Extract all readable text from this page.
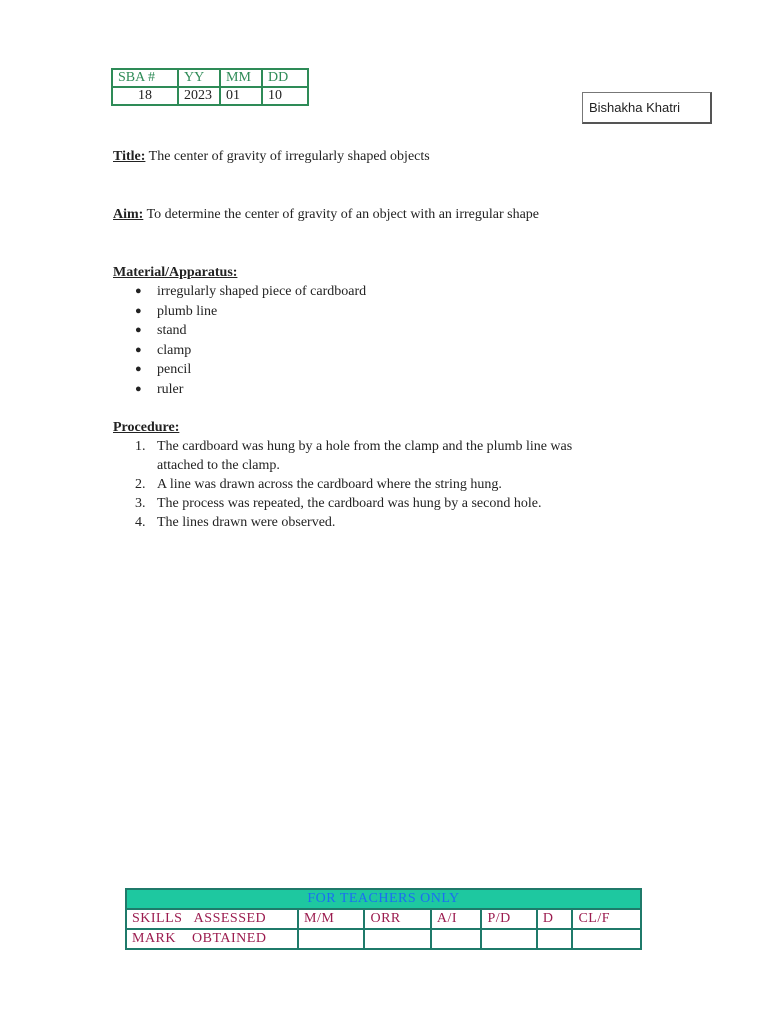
SBA #	YY	MM	DD
18	2023	01	10
Bishakha Khatri
Title: The center of gravity of irregularly shaped objects
Aim: To determine the center of gravity of an object with an irregular shape
Material/Apparatus:
● irregularly shaped piece of cardboard
● plumb line
● stand
● clamp
● pencil
● ruler
Procedure:
1. The cardboard was hung by a hole from the clamp and the plumb line was
attached to the clamp.
2. A line was drawn across the cardboard where the string hung.
3. The process was repeated, the cardboard was hung by a second hole.
4. The lines drawn were observed.
FOR TEACHERS ONLY						
SKILLS   ASSESSED	M/M	ORR	A/I	P/D	D	CL/F
MARK    OBTAINED						
